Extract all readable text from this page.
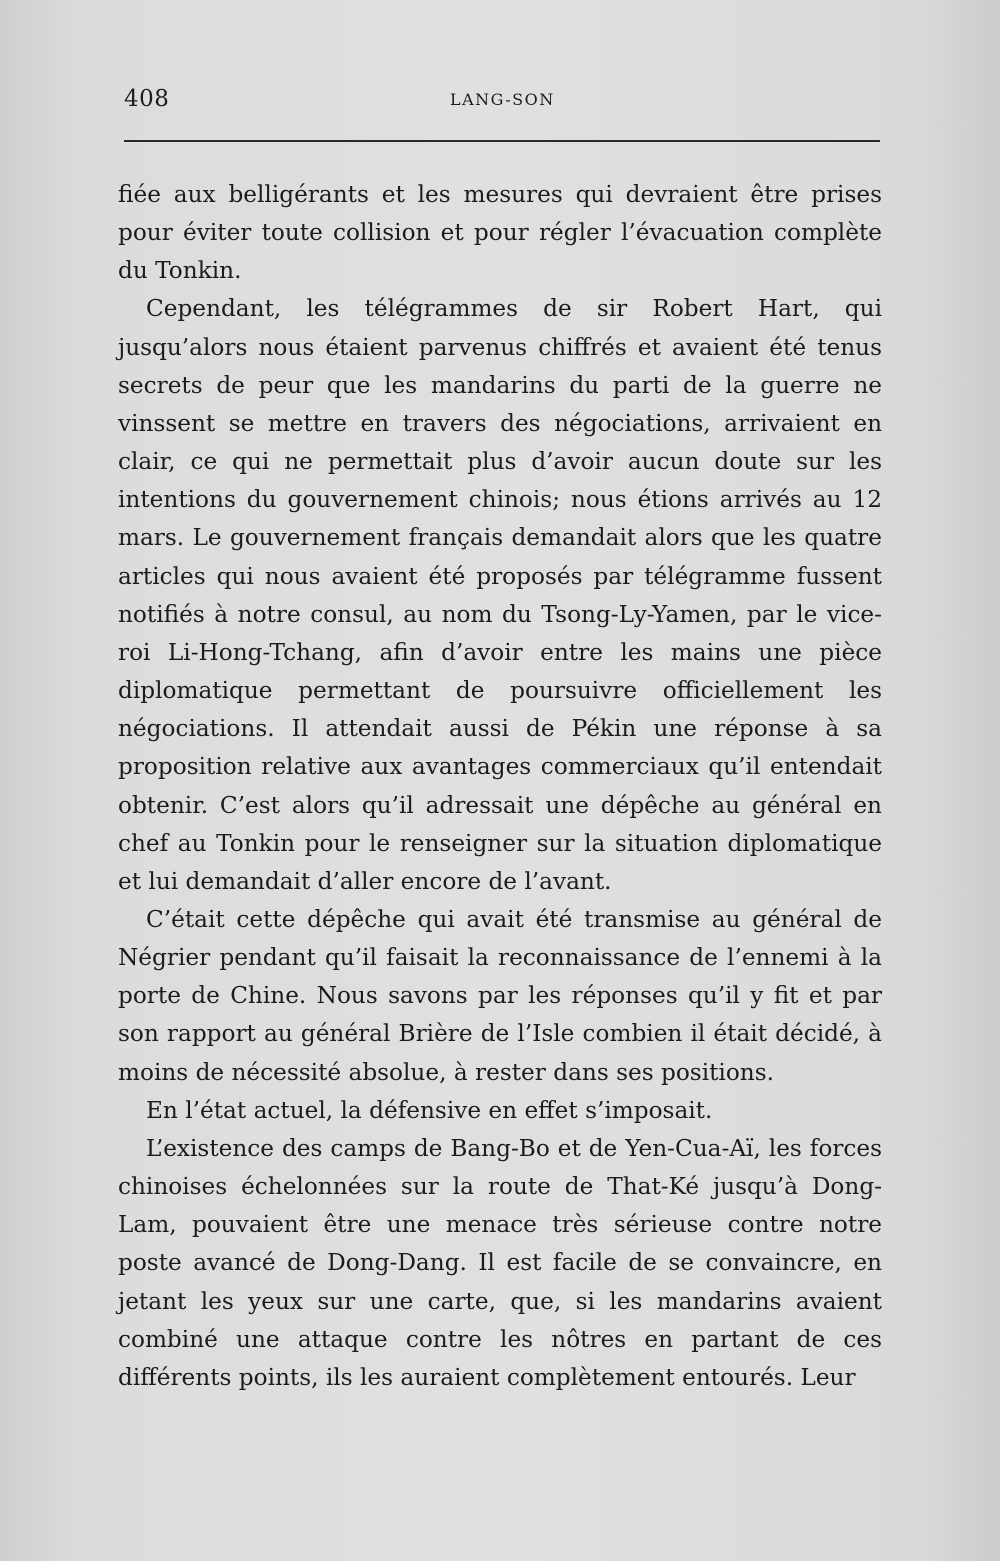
408	LANG-SON

fiée aux belligérants et les mesures qui devraient être prises pour éviter toute collision et pour régler l’évacuation complète du Tonkin.

Cependant, les télégrammes de sir Robert Hart, qui jusqu’alors nous étaient parvenus chiffrés et avaient été tenus secrets de peur que les mandarins du parti de la guerre ne vinssent se mettre en travers des négociations, arrivaient en clair, ce qui ne permettait plus d’avoir aucun doute sur les intentions du gouvernement chinois; nous étions arrivés au 12 mars. Le gouvernement français demandait alors que les quatre articles qui nous avaient été proposés par télégramme fussent notifiés à notre consul, au nom du Tsong-Ly-Yamen, par le vice-roi Li-Hong-Tchang, afin d’avoir entre les mains une pièce diplomatique permettant de poursuivre officiellement les négociations. Il attendait aussi de Pékin une réponse à sa proposition relative aux avantages commerciaux qu’il entendait obtenir. C’est alors qu’il adressait une dépêche au général en chef au Tonkin pour le renseigner sur la situation diplomatique et lui demandait d’aller encore de l’avant.

C’était cette dépêche qui avait été transmise au général de Négrier pendant qu’il faisait la reconnaissance de l’ennemi à la porte de Chine. Nous savons par les réponses qu’il y fit et par son rapport au général Brière de l’Isle combien il était décidé, à moins de nécessité absolue, à rester dans ses positions.

En l’état actuel, la défensive en effet s’imposait.

L’existence des camps de Bang-Bo et de Yen-Cua-Aï, les forces chinoises échelonnées sur la route de That-Ké jusqu’à Dong-Lam, pouvaient être une menace très sérieuse contre notre poste avancé de Dong-Dang. Il est facile de se convaincre, en jetant les yeux sur une carte, que, si les mandarins avaient combiné une attaque contre les nôtres en partant de ces différents points, ils les auraient complètement entourés. Leur
